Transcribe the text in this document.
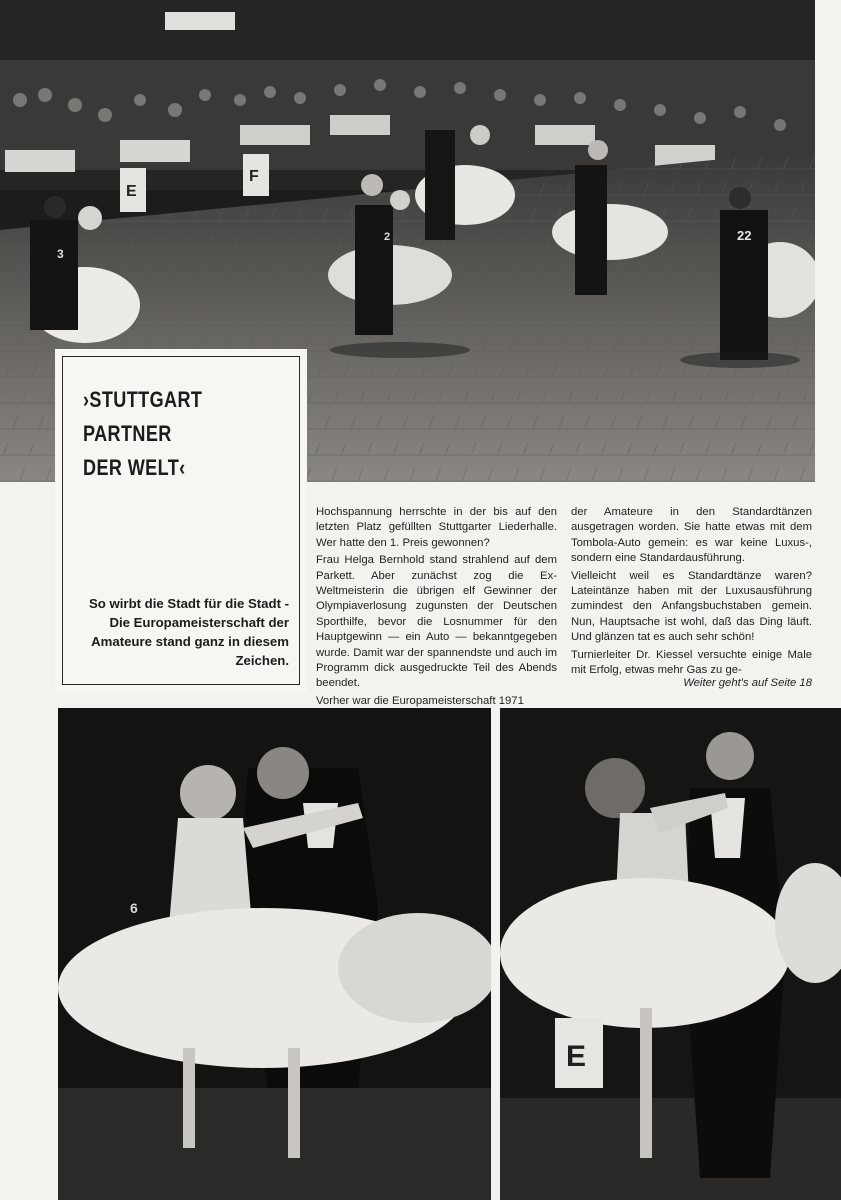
E
F
3
2	22
›STUTTGART
PARTNER
DER WELT‹
So wirbt die Stadt für die Stadt - Die Europameisterschaft der Amateure stand ganz in diesem Zeichen.

Hochspannung herrschte in der bis auf den letzten Platz gefüllten Stuttgarter Liederhalle. Wer hatte den 1. Preis gewonnen?

Frau Helga Bernhold stand strahlend auf dem Parkett. Aber zunächst zog die Ex-Weltmeisterin die übrigen elf Gewinner der Olympiaverlosung zugunsten der Deutschen Sporthilfe, bevor die Losnummer für den Hauptgewinn — ein Auto — bekanntgegeben wurde. Damit war der spannendste und auch im Programm dick ausgedruckte Teil des Abends beendet.

Vorher war die Europameisterschaft 1971

der Amateure in den Standardtänzen ausgetragen worden. Sie hatte etwas mit dem Tombola-Auto gemein: es war keine Luxus-, sondern eine Standardausführung.

Vielleicht weil es Standardtänze waren? Lateintänze haben mit der Luxusausführung zumindest den Anfangsbuchstaben gemein. Nun, Hauptsache ist wohl, daß das Ding läuft. Und glänzen tat es auch sehr schön!

Turnierleiter Dr. Kiessel versuchte einige Male mit Erfolg, etwas mehr Gas zu ge-

Weiter geht's auf Seite 18
6
E
